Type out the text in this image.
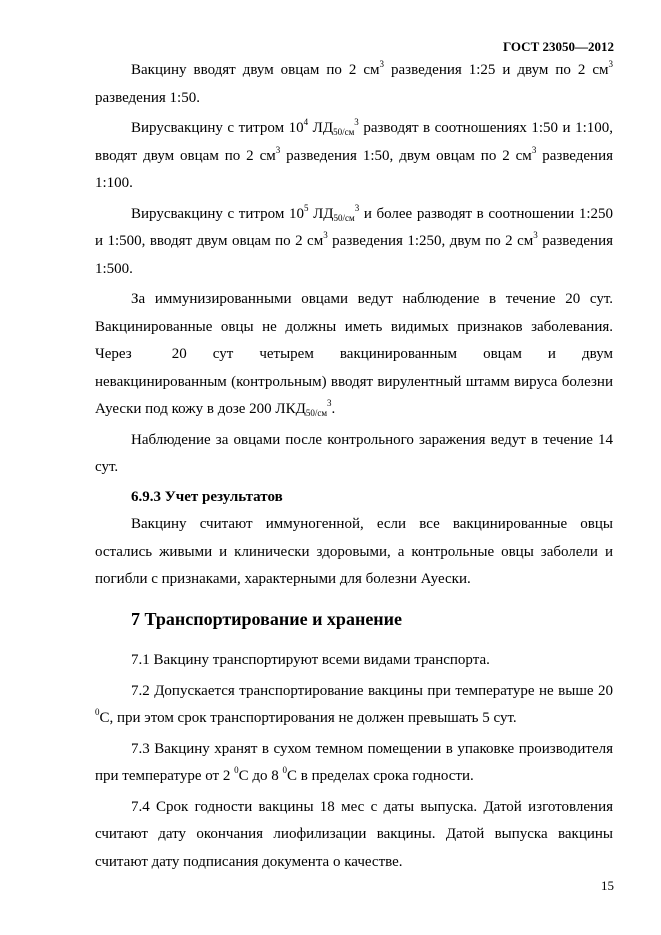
ГОСТ 23050—2012

Вакцину вводят двум овцам по 2 $см^3$ разведения 1:25 и двум по 2 $см^3$ разведения 1:50.

Вирусвакцину с титром $10^4$ $ЛД_{50/см}^3$ разводят в соотношениях 1:50 и 1:100, вводят двум овцам по 2 $см^3$ разведения 1:50, двум овцам по 2 $см^3$ разведения 1:100.

Вирусвакцину с титром $10^5$ $ЛД_{50/см}^3$ и более разводят в соотношении 1:250 и 1:500, вводят двум овцам по 2 $см^3$ разведения 1:250, двум по 2 $см^3$ разведения 1:500.

За иммунизированными овцами ведут наблюдение в течение 20 сут. Вакцинированные овцы не должны иметь видимых признаков заболевания. Через	20 сут четырем вакцинированным овцам и двум невакцинированным (контрольным) вводят вирулентный штамм вируса болезни Ауески под кожу в дозе 200 $ЛКД_{50/см}^3$.

Наблюдение за овцами после контрольного заражения ведут в течение 14 сут.

6.9.3 Учет результатов

Вакцину считают иммуногенной, если все вакцинированные овцы остались живыми и клинически здоровыми, а контрольные овцы заболели и погибли с признаками, характерными для болезни Ауески.

7 Транспортирование и хранение

7.1 Вакцину транспортируют всеми видами транспорта.

7.2 Допускается транспортирование вакцины при температуре не выше 20 $^0$С, при этом срок транспортирования не должен превышать 5 сут.

7.3 Вакцину хранят в сухом темном помещении в упаковке производителя при температуре от 2 $^0$С до 8 $^0$С в пределах срока годности.

7.4 Срок годности вакцины 18 мес с даты выпуска. Датой изготовления считают дату окончания лиофилизации вакцины. Датой выпуска вакцины считают дату подписания документа о качестве.

15
